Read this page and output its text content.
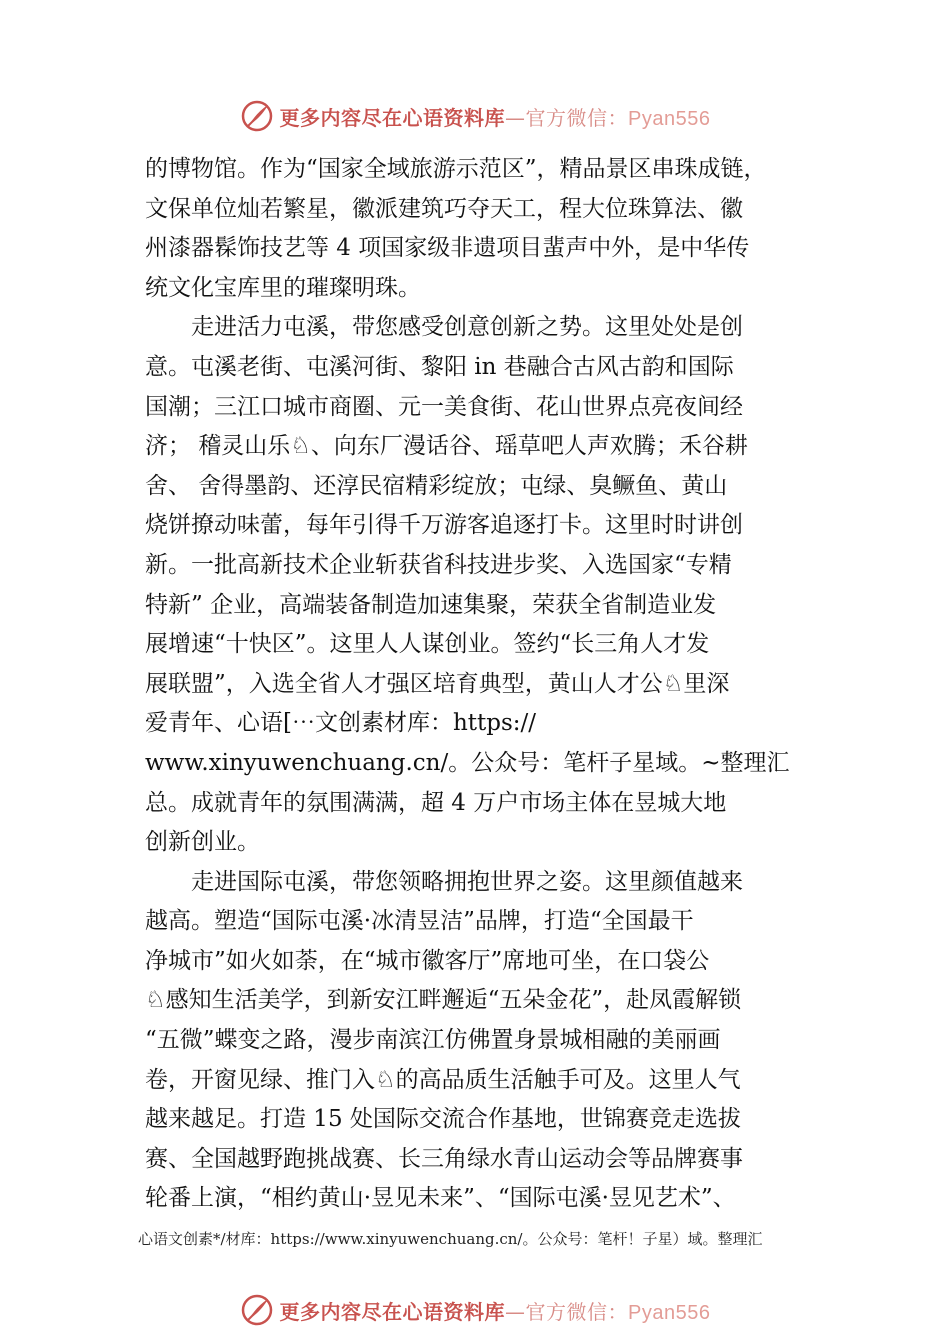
更多内容尽在心语资料库—官方微信：Pyan556
的博物馆。作为“国家全域旅游示范区”，精品景区串珠成链，
文保单位灿若繁星，徽派建筑巧夺天工，程大位珠算法、徽
州漆器髹饰技艺等 4 项国家级非遗项目蜚声中外，是中华传
统文化宝库里的璀璨明珠。
走进活力屯溪，带您感受创意创新之势。这里处处是创
意。屯溪老街、屯溪河街、黎阳 in 巷融合古风古韵和国际
国潮；三江口城市商圈、元一美食街、花山世界点亮夜间经
济； 稽灵山乐♘、向东厂漫话谷、瑶草吧人声欢腾；禾谷耕
舍、 舍得墨韵、还淳民宿精彩绽放；屯绿、臭鳜鱼、黄山
烧饼撩动味蕾，每年引得千万游客追逐打卡。这里时时讲创
新。一批高新技术企业斩获省科技进步奖、入选国家“专精
特新” 企业，高端装备制造加速集聚，荣获全省制造业发
展增速“十快区”。这里人人谋创业。签约“长三角人才发
展联盟”，入选全省人才强区培育典型，黄山人才公♘里深
爱青年、心语[⋯文创素材库：https://
www.xinyuwenchuang.cn/。公众号：笔杆子星域。~整理汇
总。成就青年的氛围满满，超 4 万户市场主体在昱城大地
创新创业。
走进国际屯溪，带您领略拥抱世界之姿。这里颜值越来
越高。塑造“国际屯溪·冰清昱洁”品牌，打造“全国最干
净城市”如火如荼，在“城市徽客厅”席地可坐，在口袋公
♘感知生活美学，到新安江畔邂逅“五朵金花”，赴凤霞解锁
“五微”蝶变之路，漫步南滨江仿佛置身景城相融的美丽画
卷，开窗见绿、推门入♘的高品质生活触手可及。这里人气
越来越足。打造 15 处国际交流合作基地，世锦赛竞走选拔
赛、全国越野跑挑战赛、长三角绿水青山运动会等品牌赛事
轮番上演，“相约黄山·昱见未来”、“国际屯溪·昱见艺术”、
心语文创素*/材库：https://www.xinyuwenchuang.cn/。公众号：笔杆！子星）域。整理汇
更多内容尽在心语资料库—官方微信：Pyan556
